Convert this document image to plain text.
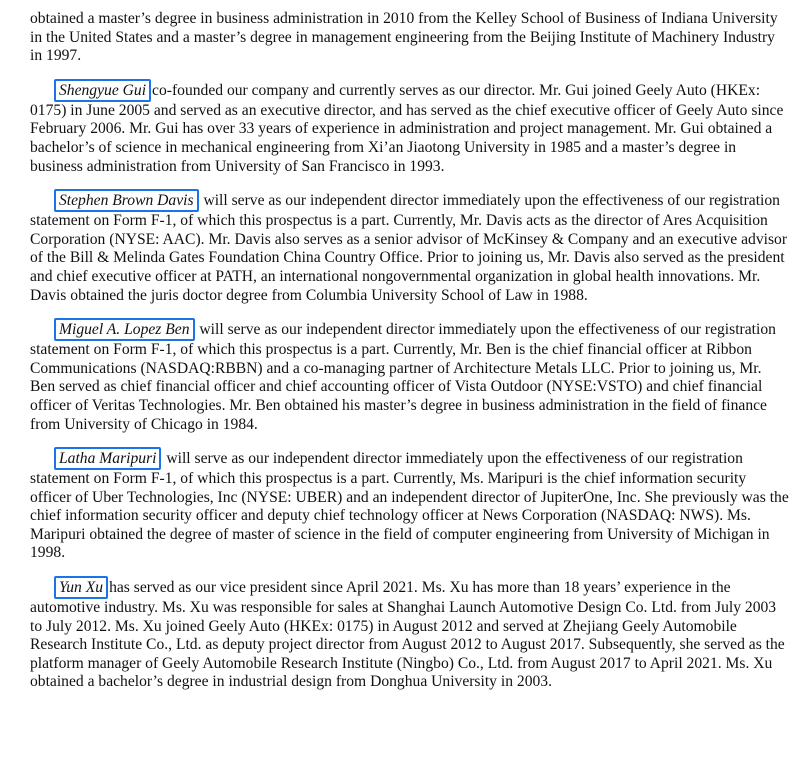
obtained a master’s degree in business administration in 2010 from the Kelley School of Business of Indiana University in the United States and a master’s degree in management engineering from the Beijing Institute of Machinery Industry in 1997.

Shengyue Gui co-founded our company and currently serves as our director. Mr. Gui joined Geely Auto (HKEx: 0175) in June 2005 and served as an executive director, and has served as the chief executive officer of Geely Auto since February 2006. Mr. Gui has over 33 years of experience in administration and project management. Mr. Gui obtained a bachelor’s of science in mechanical engineering from Xi’an Jiaotong University in 1985 and a master’s degree in business administration from University of San Francisco in 1993.

Stephen Brown Davis will serve as our independent director immediately upon the effectiveness of our registration statement on Form F-1, of which this prospectus is a part. Currently, Mr. Davis acts as the director of Ares Acquisition Corporation (NYSE: AAC). Mr. Davis also serves as a senior advisor of McKinsey & Company and an executive advisor of the Bill & Melinda Gates Foundation China Country Office. Prior to joining us, Mr. Davis also served as the president and chief executive officer at PATH, an international nongovernmental organization in global health innovations. Mr. Davis obtained the juris doctor degree from Columbia University School of Law in 1988.

Miguel A. Lopez Ben will serve as our independent director immediately upon the effectiveness of our registration statement on Form F-1, of which this prospectus is a part. Currently, Mr. Ben is the chief financial officer at Ribbon Communications (NASDAQ:RBBN) and a co-managing partner of Architecture Metals LLC. Prior to joining us, Mr. Ben served as chief financial officer and chief accounting officer of Vista Outdoor (NYSE:VSTO) and chief financial officer of Veritas Technologies. Mr. Ben obtained his master’s degree in business administration in the field of finance from University of Chicago in 1984.

Latha Maripuri will serve as our independent director immediately upon the effectiveness of our registration statement on Form F-1, of which this prospectus is a part. Currently, Ms. Maripuri is the chief information security officer of Uber Technologies, Inc (NYSE: UBER) and an independent director of JupiterOne, Inc. She previously was the chief information security officer and deputy chief technology officer at News Corporation (NASDAQ: NWS). Ms. Maripuri obtained the degree of master of science in the field of computer engineering from University of Michigan in 1998.

Yun Xu has served as our vice president since April 2021. Ms. Xu has more than 18 years’ experience in the automotive industry. Ms. Xu was responsible for sales at Shanghai Launch Automotive Design Co. Ltd. from July 2003 to July 2012. Ms. Xu joined Geely Auto (HKEx: 0175) in August 2012 and served at Zhejiang Geely Automobile Research Institute Co., Ltd. as deputy project director from August 2012 to August 2017. Subsequently, she served as the platform manager of Geely Automobile Research Institute (Ningbo) Co., Ltd. from August 2017 to April 2021. Ms. Xu obtained a bachelor’s degree in industrial design from Donghua University in 2003.
